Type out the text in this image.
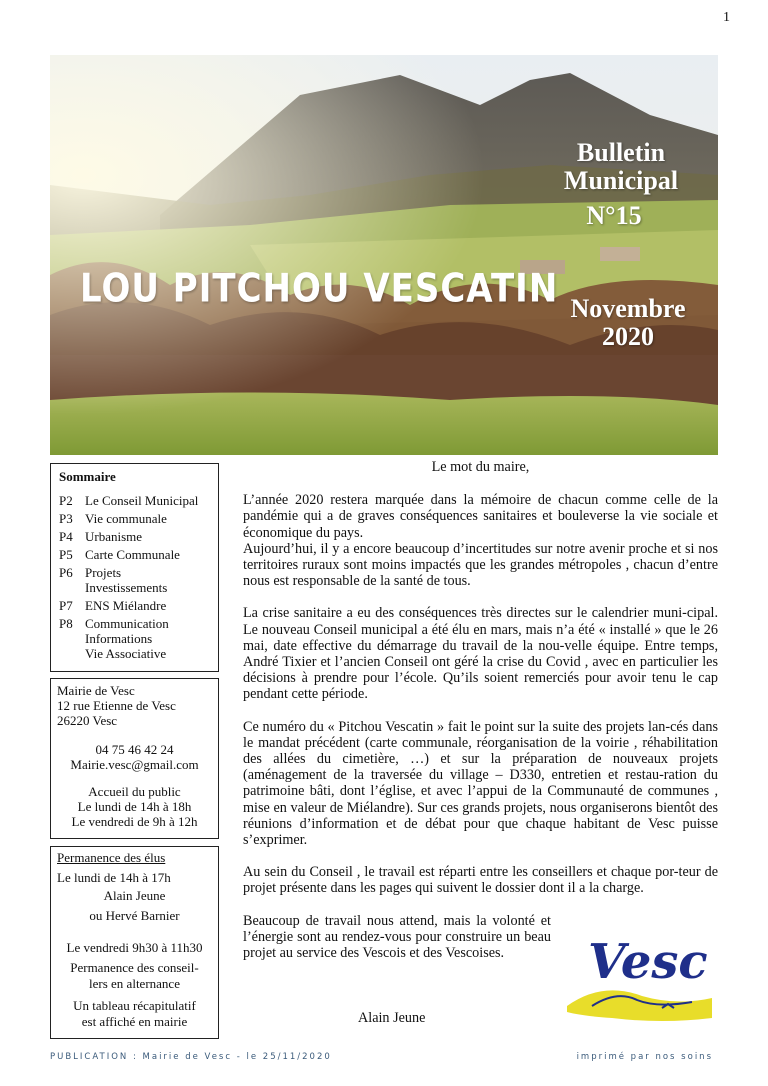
1
LOU PITCHOU VESCATIN
Bulletin Municipal
N°15
Novembre 2020
Sommaire
P2 Le Conseil Municipal
P3 Vie communale
P4 Urbanisme
P5 Carte Communale
P6 Projets
Investissements
P7 ENS Miélandre
P8 Communication
Informations
Vie Associative
Mairie de Vesc
12 rue Etienne de Vesc
26220 Vesc
04 75 46 42 24
Mairie.vesc@gmail.com
Accueil du public
Le lundi de 14h à 18h
Le vendredi de 9h à 12h
Permanence des élus
Le lundi de 14h à 17h
Alain Jeune
ou Hervé Barnier
Le vendredi 9h30 à 11h30
Permanence des conseil-
lers en alternance
Un tableau récapitulatif
est affiché en mairie
Le mot du maire,

L’année 2020 restera marquée dans la mémoire de chacun comme celle de la pandémie qui a de graves conséquences sanitaires et bouleverse la vie sociale et économique du pays.

Aujourd’hui, il y a encore beaucoup d’incertitudes sur notre avenir proche et si nos territoires ruraux sont moins impactés que les grandes métropoles , chacun d’entre nous est responsable de la santé de tous.

La crise sanitaire a eu des conséquences très directes sur le calendrier muni-cipal. Le nouveau Conseil municipal a été élu en mars, mais n’a été « installé » que le 26 mai, date effective du démarrage du travail de la nou-velle équipe. Entre temps, André Tixier et l’ancien Conseil ont géré la crise du Covid , avec en particulier les décisions à prendre pour l’école. Qu’ils soient remerciés pour avoir tenu le cap pendant cette période.

Ce numéro du « Pitchou Vescatin » fait le point sur la suite des projets lan-cés dans le mandat précédent (carte communale, réorganisation de la voirie , réhabilitation des allées du cimetière, …) et sur la préparation de nouveaux projets (aménagement de la traversée du village – D330, entretien et restau-ration du patrimoine bâti, dont l’église, et avec l’appui de la Communauté de communes , mise en valeur de Miélandre). Sur ces grands projets, nous organiserons bientôt des réunions d’information et de débat pour que chaque habitant de Vesc puisse s’exprimer.

Au sein du Conseil , le travail est réparti entre les conseillers et chaque por-teur de projet présente dans les pages qui suivent le dossier dont il a la charge.

Beaucoup de travail nous attend, mais la volonté et l’énergie sont au rendez-vous pour construire un beau projet au service des Vescois et des Vescoises.

Alain Jeune
Vesc
PUBLICATION : Mairie de Vesc - le 25/11/2020	imprimé par nos soins
